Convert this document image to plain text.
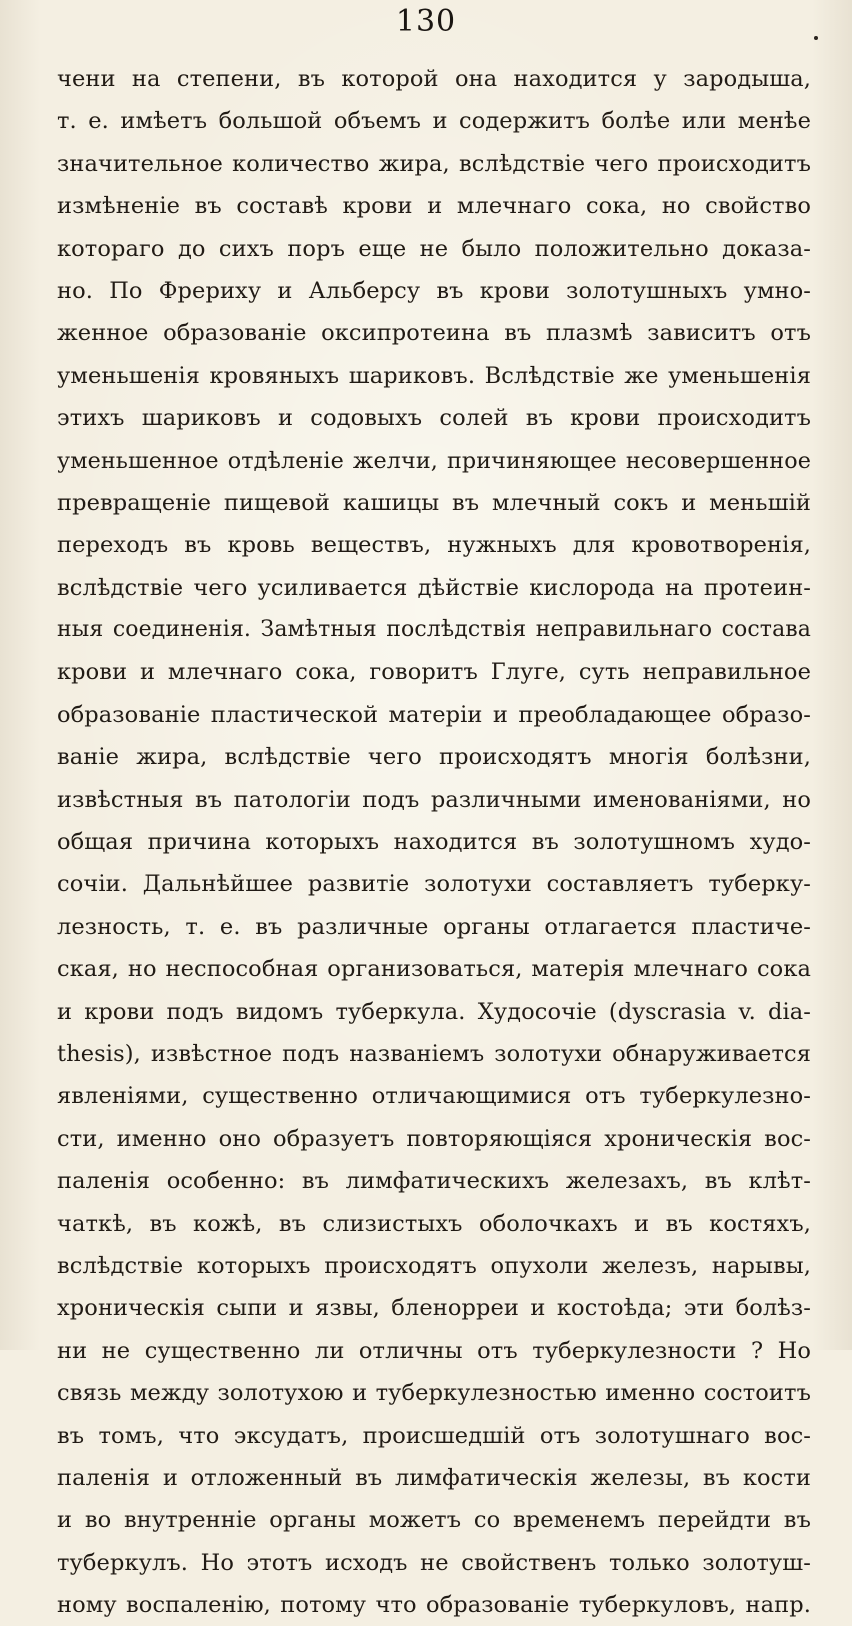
130
чени на степени, въ которой она находится у зародыша,
т. е. имѣетъ большой объемъ и содержитъ болѣе или менѣе
значительное количество жира, вслѣдствіе чего происходитъ
измѣненіе въ составѣ крови и млечнаго сока, но свойство
котораго до сихъ поръ еще не было положительно доказа-
но. По Фрериху и Альберсу въ крови золотушныхъ умно-
женное образованіе оксипротеина въ плазмѣ зависитъ отъ
уменьшенія кровяныхъ шариковъ. Вслѣдствіе же уменьшенія
этихъ шариковъ и содовыхъ солей въ крови происходитъ
уменьшенное отдѣленіе желчи, причиняющее несовершенное
превращеніе пищевой кашицы въ млечный сокъ и меньшій
переходъ въ кровь веществъ, нужныхъ для кровотворенія,
вслѣдствіе чего усиливается дѣйствіе кислорода на протеин-
ныя соединенія. Замѣтныя послѣдствія неправильнаго состава
крови и млечнаго сока, говоритъ Глуге, суть неправильное
образованіе пластической матеріи и преобладающее образо-
ваніе жира, вслѣдствіе чего происходятъ многія болѣзни,
извѣстныя въ патологіи подъ различными именованіями, но
общая причина которыхъ находится въ золотушномъ худо-
сочіи. Дальнѣйшее развитіе золотухи составляетъ туберку-
лезность, т. е. въ различные органы отлагается пластиче-
ская, но неспособная организоваться, матерія млечнаго сока
и крови подъ видомъ туберкула. Худосочіе (dyscrasia v. dia-
thesis), извѣстное подъ названіемъ золотухи обнаруживается
явленіями, существенно отличающимися отъ туберкулезно-
сти, именно оно образуетъ повторяющіяся хроническія вос-
паленія особенно: въ лимфатическихъ железахъ, въ клѣт-
чаткѣ, въ кожѣ, въ слизистыхъ оболочкахъ и въ костяхъ,
вслѣдствіе которыхъ происходятъ опухоли железъ, нарывы,
хроническія сыпи и язвы, бленорреи и костоѣда; эти болѣз-
ни не существенно ли отличны отъ туберкулезности ? Но
связь между золотухою и туберкулезностью именно состоитъ
въ томъ, что эксудатъ, происшедшій отъ золотушнаго вос-
паленія и отложенный въ лимфатическія железы, въ кости
и во внутренніе органы можетъ со временемъ перейдти въ
туберкулъ. Но этотъ исходъ не свойственъ только золотуш-
ному воспаленію, потому что образованіе туберкуловъ, напр.
